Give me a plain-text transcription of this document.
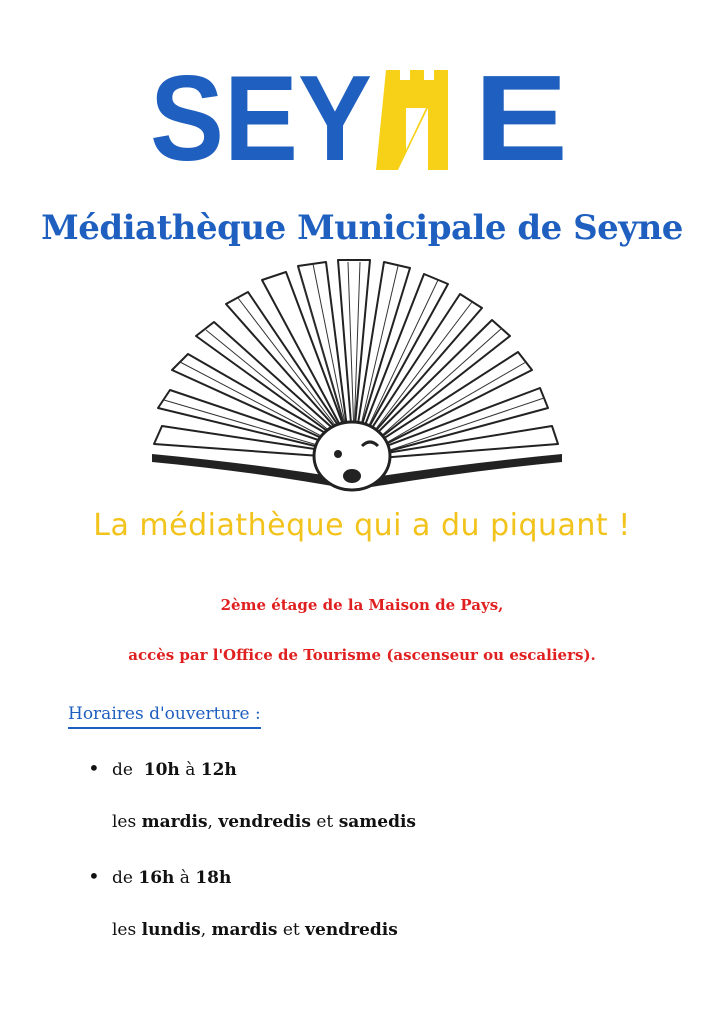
SEY E
Médiathèque Municipale de Seyne
La médiathèque qui a du piquant !
2ème étage de la Maison de Pays,
accès par l'Office de Tourisme (ascenseur ou escaliers).
Horaires d'ouverture :
• de 10h à 12h
les mardis, vendredis et samedis
• de 16h à 18h
les lundis, mardis et vendredis
